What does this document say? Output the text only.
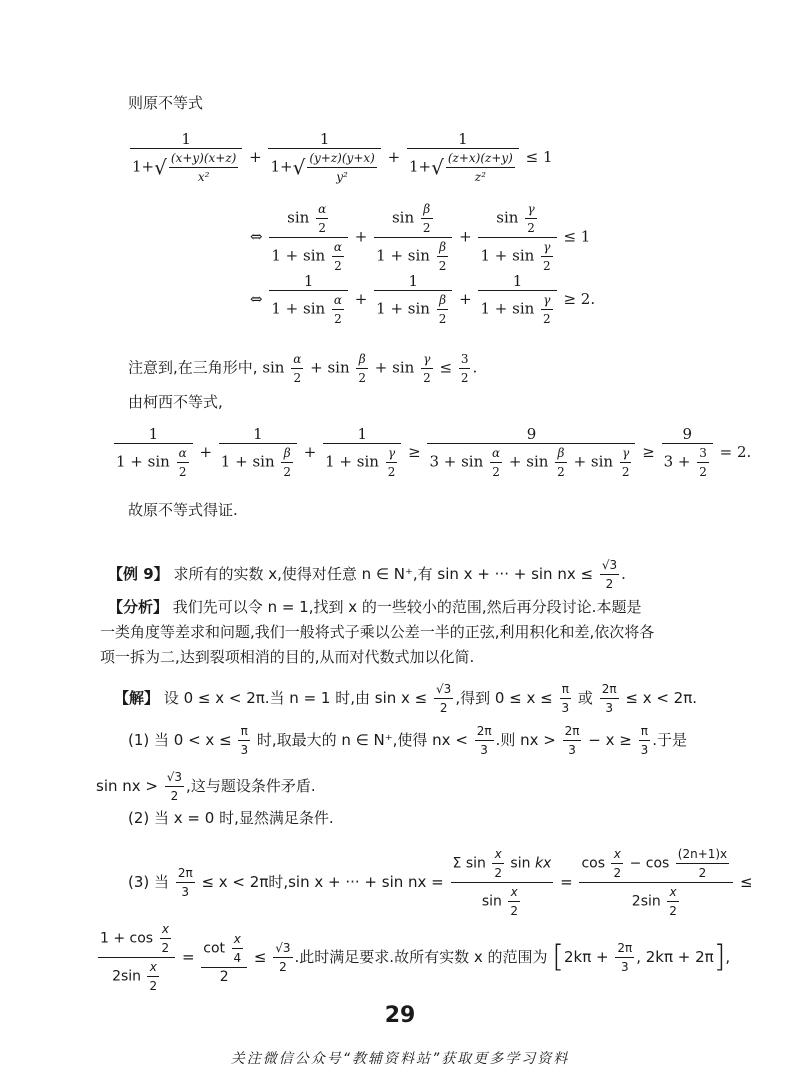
则原不等式
$\frac{1}{1+√ \frac{(x+y)(x+z)}{\text{x²}}} + \frac{1}{1+√ \frac{(y+z)(y+x)}{\text{y²}}} + \frac{1}{1+√ \frac{(z+x)(z+y)}{\text{z²}}} \le 1$
⇔ $\frac{\sin \frac{\alpha}{2}}{1 + \sin \frac{\alpha}{2}} + \frac{\sin \frac{\beta}{2}}{1 + \sin \frac{\beta}{2}} + \frac{\sin \frac{\gamma}{2}}{1 + \sin \frac{\gamma}{2}} \le 1$
⇔ $\frac{1}{1 + \sin \frac{\alpha}{2}} + \frac{1}{1 + \sin \frac{\beta}{2}} + \frac{1}{1 + \sin \frac{\gamma}{2}} \ge 2$.
注意到,在三角形中, $\sin \frac{\alpha}{2} + \sin \frac{\beta}{2} + \sin \frac{\gamma}{2} \le \frac{3}{2}$ .
由柯西不等式,
$\frac{1}{1 + \sin \frac{\alpha}{2}} + \frac{1}{1 + \sin \frac{\beta}{2}} + \frac{1}{1 + \sin \frac{\gamma}{2}} \ge \frac{9}{3 + \sin \frac{\alpha}{2} + \sin \frac{\beta}{2} + \sin \frac{\gamma}{2}} \ge \frac{9}{3 + \frac{3}{2}} = 2$.
故原不等式得证.
【例 9】 求所有的实数 x,使得对任意 n ∈ N⁺,有 sin x + ··· + sin nx ≤ $\frac{√3}{2}$ .
【分析】 我们先可以令 n = 1,找到 x 的一些较小的范围,然后再分段讨论.本题是
一类角度等差求和问题,我们一般将式子乘以公差一半的正弦,利用积化和差,依次将各
项一拆为二,达到裂项相消的目的,从而对代数式加以化简.
【解】 设 0 ≤ x < 2π.当 n = 1 时,由 $\sin x \le \frac{√3}{2}$ ,得到 $0 \le x \le \frac{\pi}{3}$ 或 $\frac{2\pi}{3} \le x < 2\pi$.
(1) 当 $0 < x \le \frac{\pi}{3}$ 时,取最大的 n ∈ N⁺,使得 nx < $\frac{2\pi}{3}$ .则 nx > $\frac{2\pi}{3} - x \ge \frac{\pi}{3}$ .于是
sin nx > $\frac{√3}{2}$ ,这与题设条件矛盾.
(2) 当 x = 0 时,显然满足条件.
(3) 当 $\frac{2\pi}{3} \le x < 2\pi$时,sin x + ··· + sin nx = $\frac{\Sigma \sin \frac{x}{2} \sin kx}{\sin \frac{x}{2}} = \frac{\cos \frac{x}{2} - \cos \frac{(2n+1)x}{2}}{2\sin \frac{x}{2}}$ ≤
$\frac{1 + \cos \frac{x}{2}}{2\sin \frac{x}{2}} = \frac{\cot \frac{x}{4}}{2} \le \frac{√3}{2}$ .此时满足要求.故所有实数 x 的范围为 [$2k\pi + \frac{2\pi}{3}$ , 2kπ + 2π],
29
关注微信公众号“教辅资料站”获取更多学习资料
